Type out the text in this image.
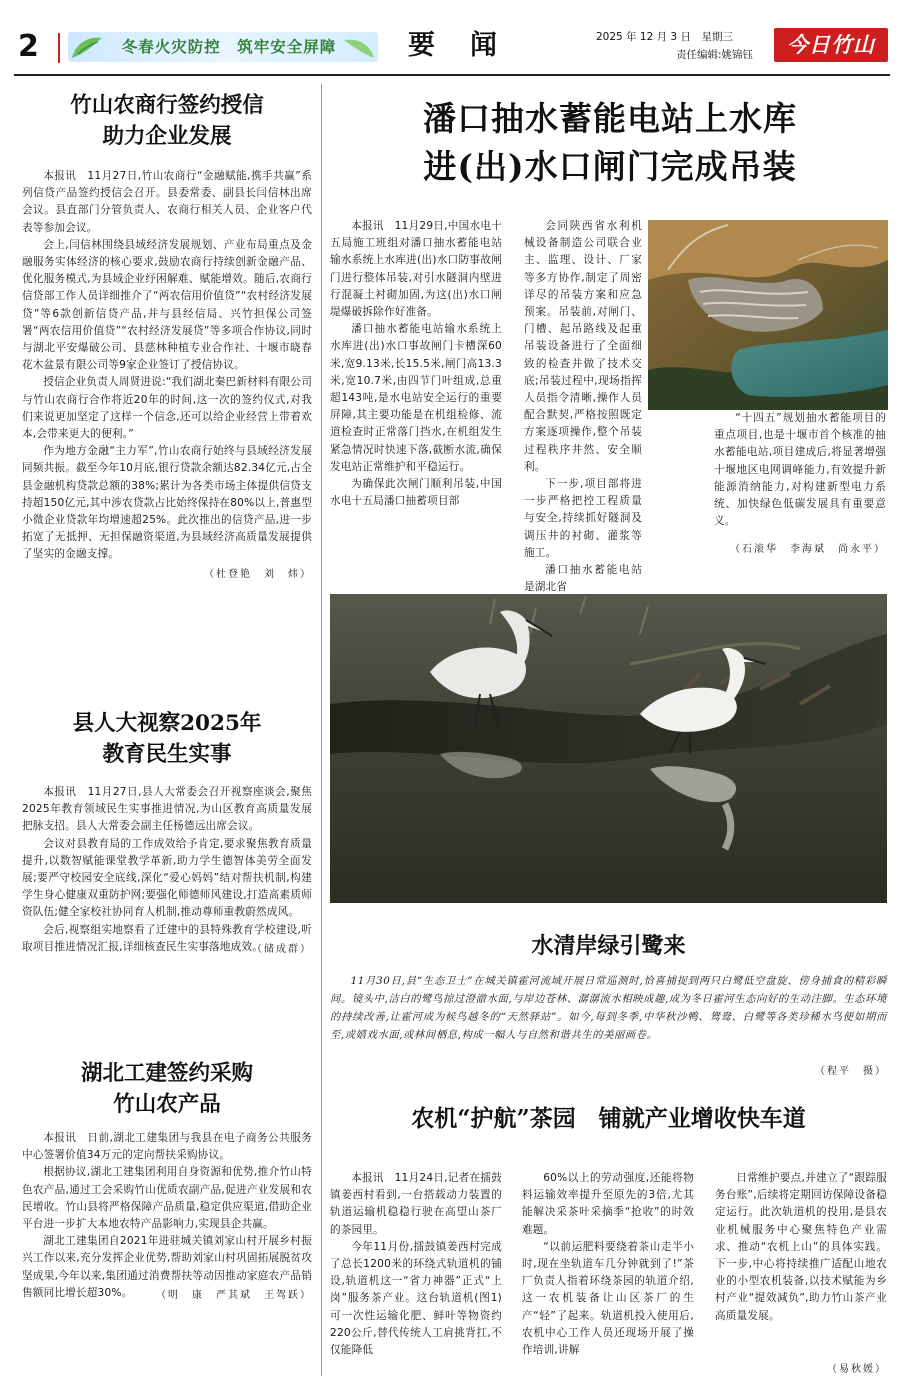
2	冬春火灾防控　筑牢安全屏障	要　闻	2025 年 12 月 3 日　星期三
责任编辑:姚锦钰	今日竹山
竹山农商行签约授信
助力企业发展

本报讯　11月27日,竹山农商行“金融赋能,携手共赢”系列信贷产品签约授信会召开。县委常委、副县长闫信林出席会议。县直部门分管负责人、农商行相关人员、企业客户代表等参加会议。

会上,闫信林围绕县域经济发展规划、产业布局重点及金融服务实体经济的核心要求,鼓励农商行持续创新金融产品、优化服务模式,为县域企业纾困解难、赋能增效。随后,农商行信贷部工作人员详细推介了“两农信用价值贷”“农村经济发展贷”等6款创新信贷产品,并与县经信局、兴竹担保公司签署“两农信用价值贷”“农村经济发展贷”等多项合作协议,同时与湖北平安爆破公司、县慈林种植专业合作社、十堰市晓春花木盆景有限公司等9家企业签订了授信协议。

授信企业负责人周贤进说:“我们湖北秦巴新材料有限公司与竹山农商行合作将近20年的时间,这一次的签约仪式,对我们来说更加坚定了这样一个信念,还可以给企业经营上带着欢本,会带来更大的便利。”

作为地方金融“主力军”,竹山农商行始终与县域经济发展同频共振。截至今年10月底,银行贷款余额达82.34亿元,占全县金融机构贷款总额的38%;累计为各类市场主体提供信贷支持超150亿元,其中涉农贷款占比始终保持在80%以上,普惠型小微企业贷款年均增速超25%。此次推出的信贷产品,进一步拓宽了无抵押、无担保融资渠道,为县域经济高质量发展提供了坚实的金融支撑。

（杜登艳　刘　炜）
县人大视察2025年
教育民生实事

本报讯　11月27日,县人大常委会召开视察座谈会,聚焦2025年教育领域民生实事推进情况,为山区教育高质量发展把脉支招。县人大常委会副主任杨德远出席会议。

会议对县教育局的工作成效给予肯定,要求聚焦教育质量提升,以数智赋能课堂教学革新,助力学生德智体美劳全面发展;要严守校园安全底线,深化“爱心妈妈”结对帮扶机制,构建学生身心健康双重防护网;要强化师德师风建设,打造高素质师资队伍;健全家校社协同育人机制,推动尊师重教蔚然成风。

会后,视察组实地察看了迁建中的县特殊教育学校建设,听取项目推进情况汇报,详细核查民生实事落地成效。

（储成群）
湖北工建签约采购
竹山农产品

本报讯　日前,湖北工建集团与我县在电子商务公共服务中心签署价值34万元的定向帮扶采购协议。

根据协议,湖北工建集团利用自身资源和优势,推介竹山特色农产品,通过工会采购竹山优质农副产品,促进产业发展和农民增收。竹山县将严格保障产品质量,稳定供应渠道,借助企业平台进一步扩大本地农特产品影响力,实现县企共赢。

湖北工建集团自2021年进驻城关镇刘家山村开展乡村振兴工作以来,充分发挥企业优势,帮助刘家山村巩固拓展脱贫攻坚成果,今年以来,集团通过消费帮扶等动因推动家庭农产品销售额同比增长超30%。	（明　康　严其斌　王驾跃）
潘口抽水蓄能电站上水库
进(出)水口闸门完成吊装

本报讯　11月29日,中国水电十五局施工班组对潘口抽水蓄能电站输水系统上水库进(出)水口防事故闸门进行整体吊装,对引水隧洞内壁进行混凝土衬砌加固,为这(出)水口闸堤爆破拆除作好准备。

潘口抽水蓄能电站输水系统上水库进(出)水口事故闸门卡槽深60米,宽9.13米,长15.5米,闸门高13.3米,宽10.7米,由四节门叶组成,总重超143吨,是水电站安全运行的重要屏障,其主要功能是在机组检修、流道检查时正常落门挡水,在机组发生紧急情况时快速下落,截断水流,确保发电站正常维护和平稳运行。

为确保此次闸门顺利吊装,中国水电十五局潘口抽蓄项目部

会同陕西省水利机械设备制造公司联合业主、监理、设计、厂家等多方协作,制定了周密详尽的吊装方案和应急预案。吊装前,对闸门、门槽、起吊路线及起重吊装设备进行了全面细致的检查并做了技术交底;吊装过程中,现场指挥人员指令清晰,操作人员配合默契,严格按照既定方案逐项操作,整个吊装过程秩序井然、安全顺利。

下一步,项目部将进一步严格把控工程质量与安全,持续抓好隧洞及调压井的衬砌、灌浆等施工。

潘口抽水蓄能电站是湖北省

“十四五”规划抽水蓄能项目的重点项目,也是十堰市首个核准的抽水蓄能电站,项目建成后,将显著增强十堰地区电网调峰能力,有效提升新能源消纳能力,对构建新型电力系统、加快绿色低碳发展具有重要意义。

（石滚华　李海斌　尚永平）
水清岸绿引鹭来

11月30日,县“生态卫士”在城关镇霍河流域开展日常巡测时,恰喜捕捉到两只白鹭低空盘旋、傍身捕食的精彩瞬间。镜头中,洁白的鹭鸟掠过澄澈水面,与岸边苍林、潺潺流水相映成趣,成为冬日霍河生态向好的生动注脚。生态环境的持续改善,让霍河成为候鸟越冬的“天然驿站”。如今,每到冬季,中华秋沙鸭、鸳鸯、白鹭等各类珍稀水鸟便如期而至,或嬉戏水面,或林间栖息,构成一幅人与自然和谐共生的美丽画卷。

（程平　摄）
农机“护航”茶园　铺就产业增收快车道

本报讯　11月24日,记者在擂鼓镇姜西村看到,一台搭载动力装置的轨道运输机稳稳行驶在高望山茶厂的茶园里。

今年11月份,擂鼓镇姜西村完成了总长1200米的环绕式轨道机的铺设,轨道机这一“省力神器”正式“上岗”服务茶产业。这台轨道机(图1)可一次性运输化肥、鲜叶等物资约220公斤,替代传统人工肩挑背扛,不仅能降低

60%以上的劳动强度,还能将物料运输效率提升至原先的3倍,尤其能解决采茶叶采摘季“抢收”的时效难题。

“以前运肥料要绕着茶山走半小时,现在坐轨道车几分钟就到了!”茶厂负责人指着环绕茶园的轨道介绍,这一农机装备让山区茶厂的生产“轻”了起来。轨道机投入使用后,农机中心工作人员还现场开展了操作培训,讲解

日常维护要点,并建立了“跟踪服务台账”,后续将定期回访保障设备稳定运行。此次轨道机的投用,是县农业机械服务中心聚焦特色产业需求、推动“农机上山”的具体实践。下一步,中心将持续推广适配山地农业的小型农机装备,以技术赋能为乡村产业“提效减负”,助力竹山茶产业高质量发展。

（易秋媛）
